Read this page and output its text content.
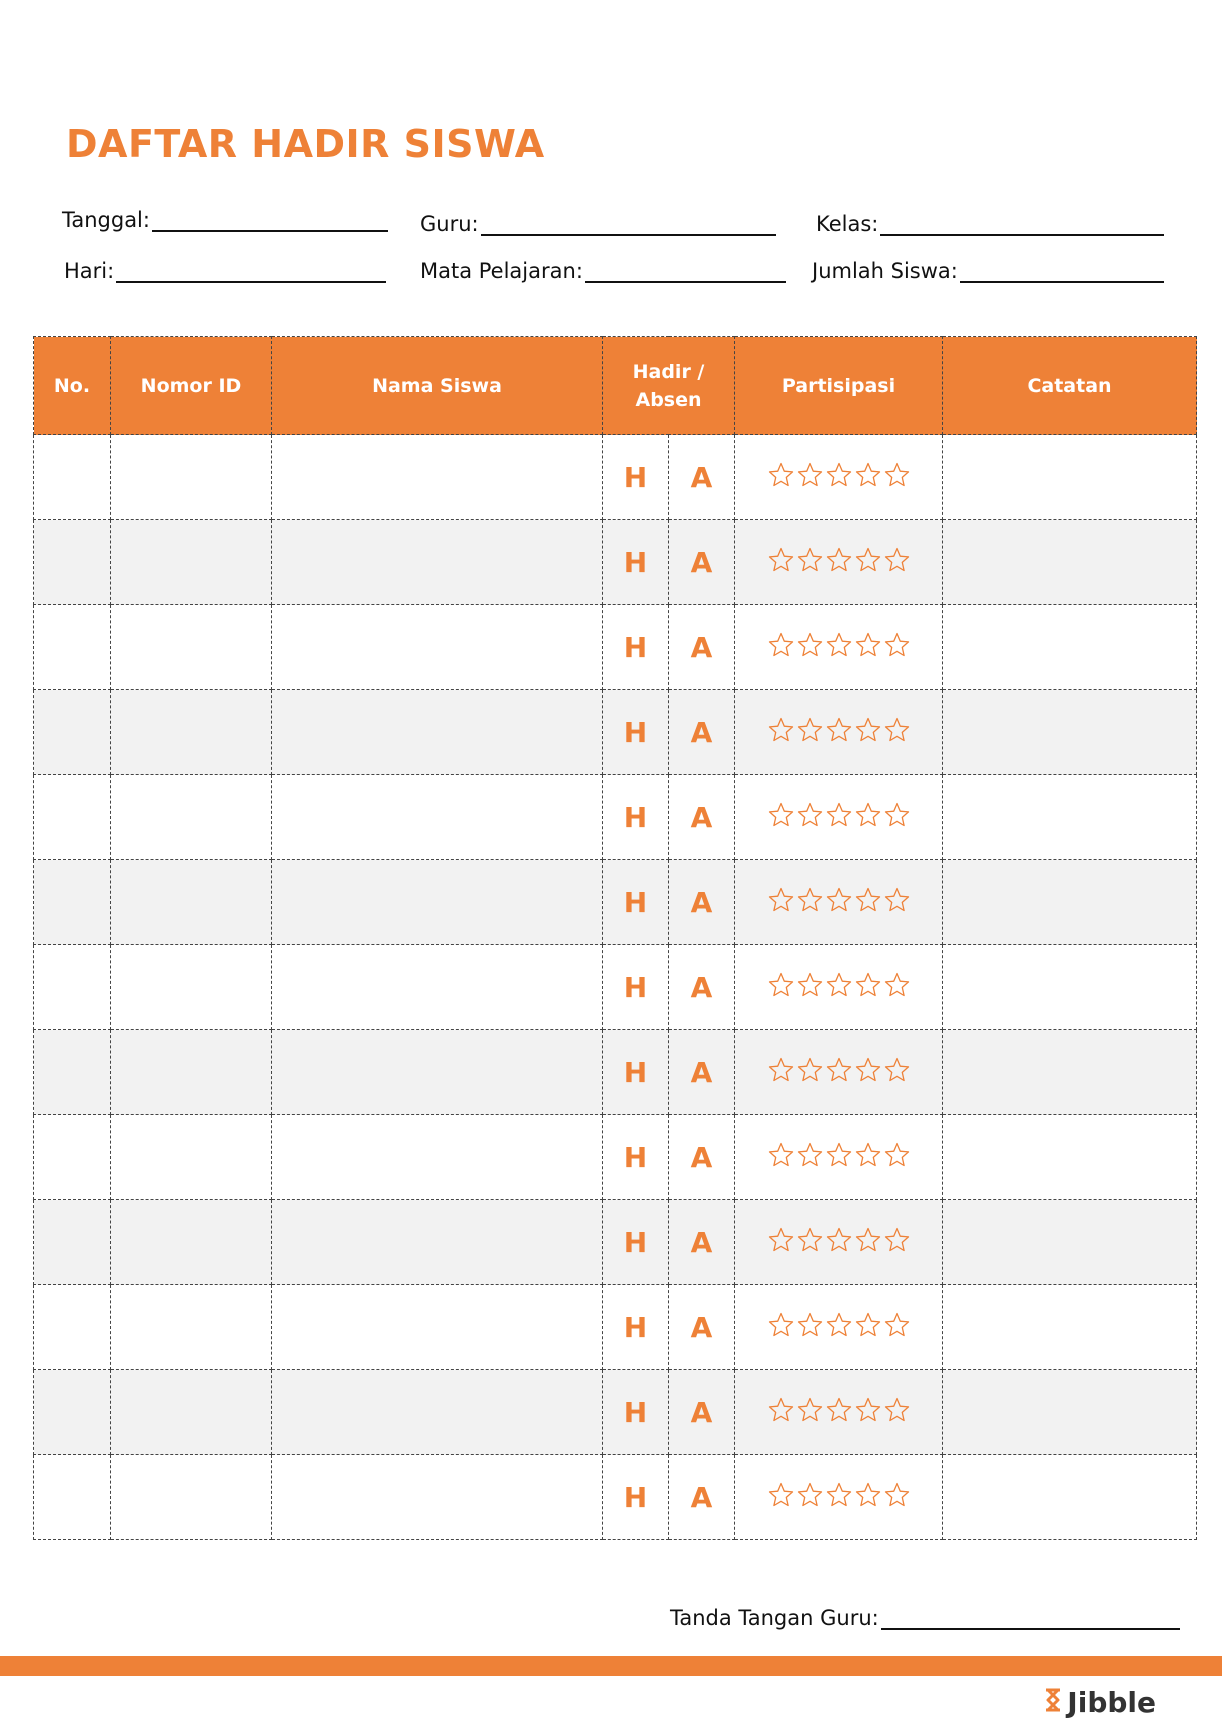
DAFTAR HADIR SISWA
Tanggal:	Guru:	Kelas:
Hari:	Mata Pelajaran:	Jumlah Siswa:
No.	Nomor ID	Nama Siswa	Hadir / Absen		Partisipasi	Catatan
			H	A	

			H	A	

			H	A	

			H	A	

			H	A	

			H	A	

			H	A	

			H	A	

			H	A	

			H	A	

			H	A	

			H	A	

			H	A	

Tanda Tangan Guru:
Jibble
